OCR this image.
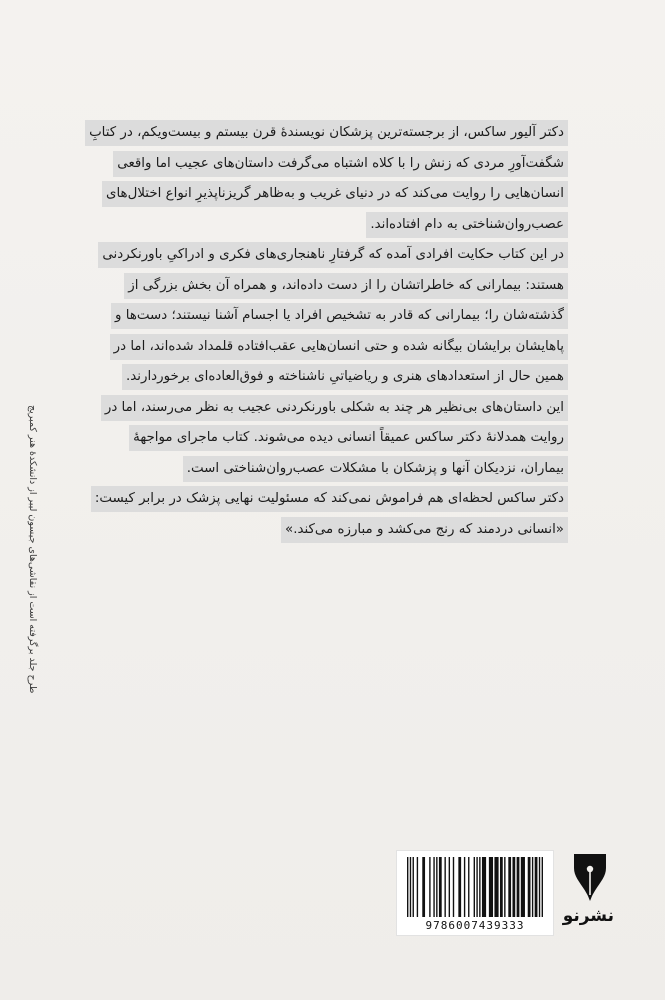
دکتر آلیور ساکس، از برجسته‌ترین پزشکان نویسندهٔ قرن بیستم و بیست‌ویکم، در کتابِ شگفت‌آورِ مردی که زنش را با کلاه اشتباه می‌گرفت داستان‌های عجیب اما واقعی انسان‌هایی را روایت می‌کند که در دنیای غریب و به‌ظاهر گریزناپذیرِ انواع اختلال‌های عصب‌روان‌شناختی به دام افتاده‌اند.

در این کتاب حکایت افرادی آمده که گرفتارِ ناهنجاری‌های فکری و ادراکیِ باورنکردنی هستند: بیمارانی که خاطراتشان را از دست داده‌اند، و همراه آن بخش بزرگی از گذشته‌شان را؛ بیمارانی که قادر به تشخیص افراد یا اجسام آشنا نیستند؛ دست‌ها و پاهایشان برایشان بیگانه شده و حتی انسان‌هایی عقب‌افتاده قلمداد شده‌اند، اما در همین حال از استعدادهای هنری و ریاضیاتیِ ناشناخته و فوق‌العاده‌ای برخوردارند.

این داستان‌های بی‌نظیر هر چند به شکلی باورنکردنی عجیب به نظر می‌رسند، اما در روایت همدلانهٔ دکتر ساکس عمیقاً انسانی دیده می‌شوند. کتاب ماجرای مواجههٔ بیماران، نزدیکان آنها و پزشکان با مشکلات عصب‌روان‌شناختی است.

دکتر ساکس لحظه‌ای هم فراموش نمی‌کند که مسئولیت نهایی پزشک در برابر کیست: «انسانی دردمند که رنج می‌کشد و مبارزه می‌کند.»

طرح جلد برگرفته است از نقاشی‌های جیسون لیبر از دانشکدهٔ هنر کمبریج
9786007439333	نشرنو
